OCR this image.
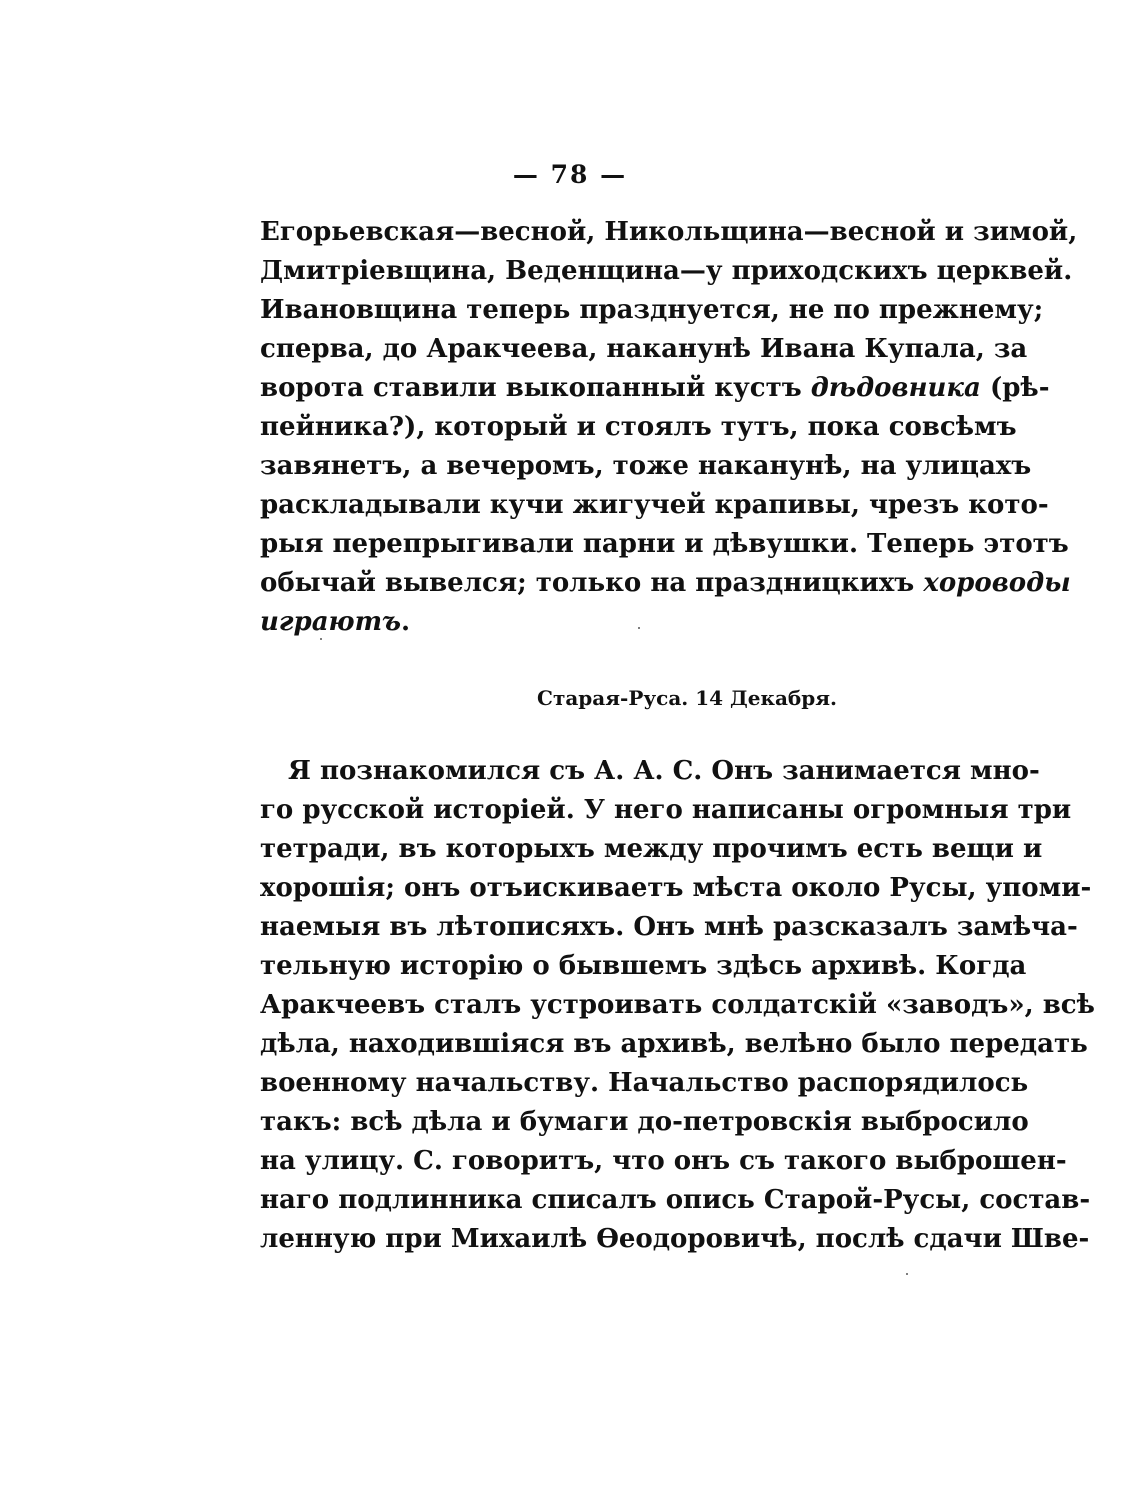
— 78 —
Егорьевская—весной, Никольщина—весной и зимой,
Дмитріевщина, Веденщина—у приходскихъ церквей.
Ивановщина теперь празднуется, не по прежнему;
сперва, до Аракчеева, наканунѣ Ивана Купала, за
ворота ставили выкопанный кустъ дѣдовника (рѣ-
пейника?), который и стоялъ тутъ, пока совсѣмъ
завянетъ, а вечеромъ, тоже наканунѣ, на улицахъ
раскладывали кучи жигучей крапивы, чрезъ кото-
рыя перепрыгивали парни и дѣвушки. Теперь этотъ
обычай вывелся; только на праздницкихъ хороводы
играютъ.
Старая-Руса. 14 Декабря.
Я познакомился съ А. А. С. Онъ занимается мно-
го русской исторіей. У него написаны огромныя три
тетради, въ которыхъ между прочимъ есть вещи и
хорошія; онъ отъискиваетъ мѣста около Русы, упоми-
наемыя въ лѣтописяхъ. Онъ мнѣ разсказалъ замѣча-
тельную исторію о бывшемъ здѣсь архивѣ. Когда
Аракчеевъ сталъ устроивать солдатскій «заводъ», всѣ
дѣла, находившіяся въ архивѣ, велѣно было передать
военному начальству. Начальство распорядилось
такъ: всѣ дѣла и бумаги до-петровскія выбросило
на улицу. С. говоритъ, что онъ съ такого выброшен-
наго подлинника списалъ опись Старой-Русы, состав-
ленную при Михаилѣ Ѳеодоровичѣ, послѣ сдачи Шве-
